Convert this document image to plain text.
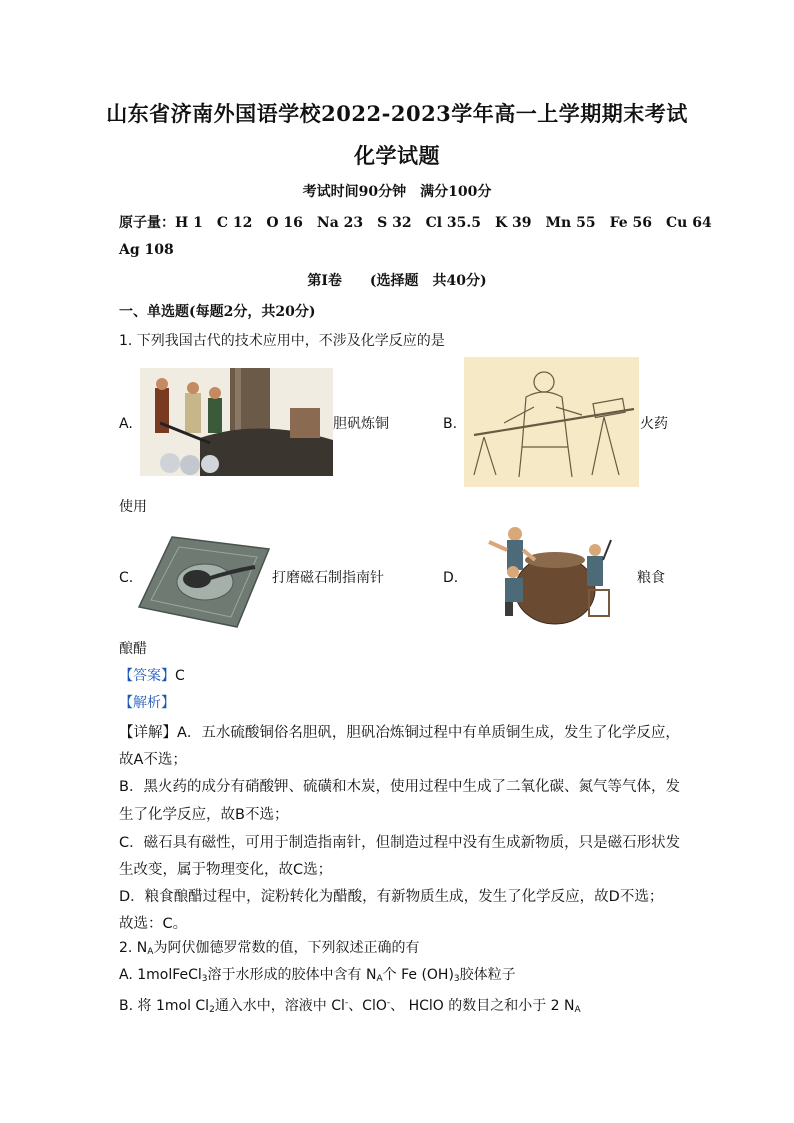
山东省济南外国语学校2022-2023学年高一上学期期末考试
化学试题
考试时间90分钟　满分100分
原子量：H 1　C 12　O 16　Na 23　S 32　Cl 35.5　K 39　Mn 55　Fe 56　Cu 64
Ag 108
第Ⅰ卷　　(选择题　共40分)
一、单选题(每题2分，共20分)
1. 下列我国古代的技术应用中，不涉及化学反应的是
A.	胆矾炼铜	B.	火药
使用
C.	打磨磁石制指南针	D.	粮食
酿醋
【答案】C
【解析】
【详解】A．五水硫酸铜俗名胆矾，胆矾冶炼铜过程中有单质铜生成，发生了化学反应，
故A不选；
B．黑火药的成分有硝酸钾、硫磺和木炭，使用过程中生成了二氧化碳、氮气等气体，发
生了化学反应，故B不选；
C．磁石具有磁性，可用于制造指南针，但制造过程中没有生成新物质，只是磁石形状发
生改变，属于物理变化，故C选；
D．粮食酿醋过程中，淀粉转化为醋酸，有新物质生成，发生了化学反应，故D不选；
故选：C。
2. $N_A$为阿伏伽德罗常数的值，下列叙述正确的有
A. 1molFeCl$_3$溶于水形成的胶体中含有 $N_A$个 Fe $(OH)_3$胶体粒子
B. 将 1mol $Cl_2$通入水中，溶液中 Cl-、ClO-、 HClO 的数目之和小于 2 $N_A$
